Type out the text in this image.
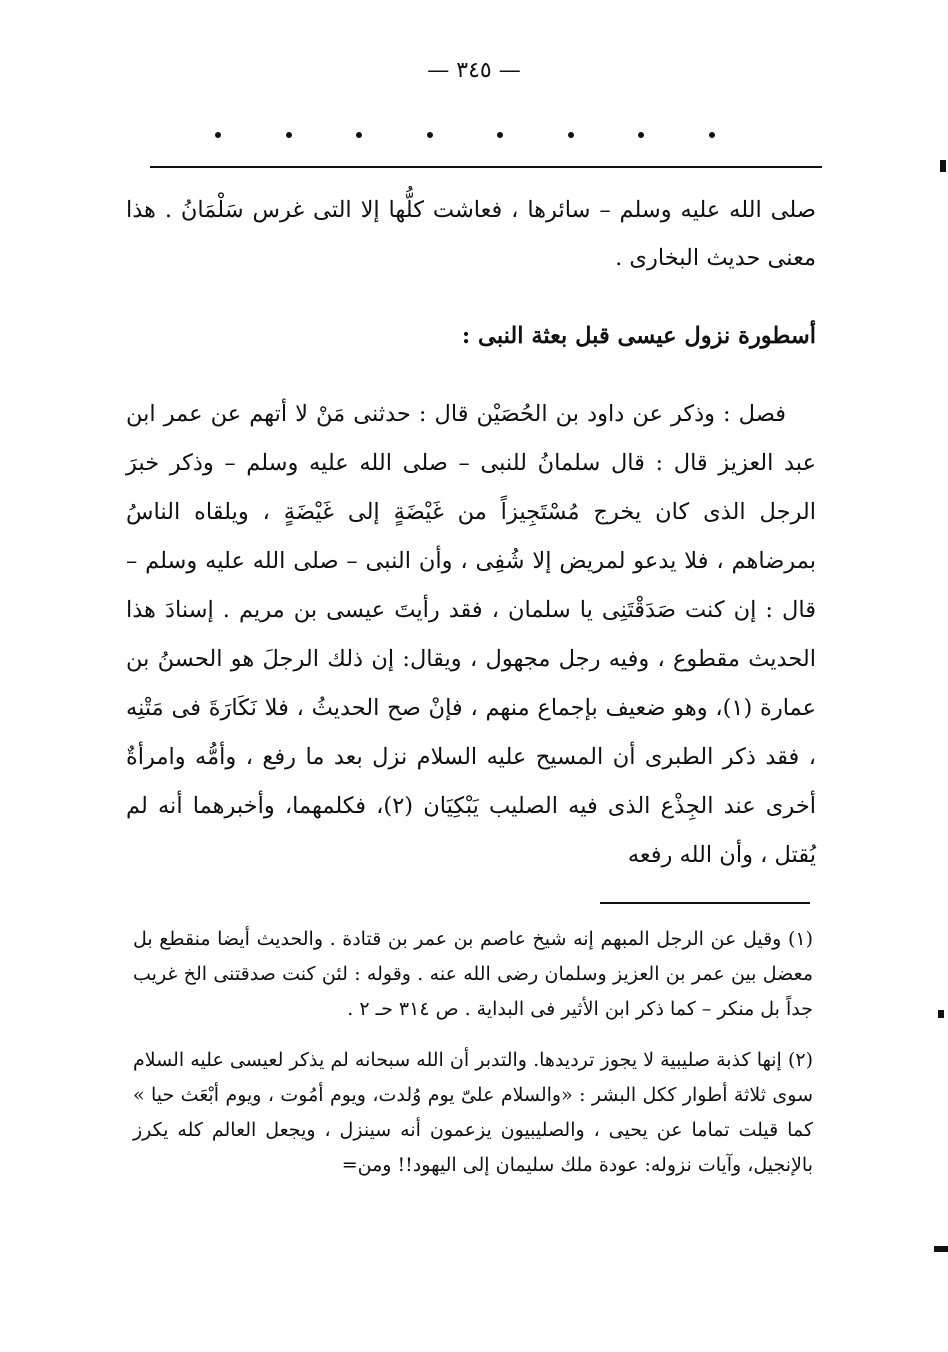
— ٣٤٥ —

صلى الله عليه وسلم – سائرها ، فعاشت كلُّها إلا التى غرس سَلْمَانُ . هذا معنى حديث البخارى .

أسطورة نزول عيسى قبل بعثة النبى :

فصل : وذكر عن داود بن الحُصَيْن قال : حدثنى مَنْ لا أتهم عن عمر ابن عبد العزيز قال : قال سلمانُ للنبى – صلى الله عليه وسلم – وذكر خبرَ الرجل الذى كان يخرج مُسْتَجِيزاً من غَيْضَةٍ إلى غَيْضَةٍ ، ويلقاه الناسُ بمرضاهم ، فلا يدعو لمريض إلا شُفِى ، وأن النبى – صلى الله عليه وسلم – قال : إن كنت صَدَقْتَنِى يا سلمان ، فقد رأيتَ عيسى بن مريم . إسنادَ هذا الحديث مقطوع ، وفيه رجل مجهول ، ويقال: إن ذلك الرجلَ هو الحسنُ بن عمارة (١)، وهو ضعيف بإجماع منهم ، فإنْ صح الحديثُ ، فلا نَكَارَةَ فى مَتْنِه ، فقد ذكر الطبرى أن المسيح عليه السلام نزل بعد ما رفع ، وأمُّه وامرأةٌ أخرى عند الجِذْع الذى فيه الصليب يَبْكِيَان (٢)، فكلمهما، وأخبرهما أنه لم يُقتل ، وأن الله رفعه

(١) وقيل عن الرجل المبهم إنه شيخ عاصم بن عمر بن قتادة . والحديث أيضا منقطع بل معضل بين عمر بن العزيز وسلمان رضى الله عنه . وقوله : لئن كنت صدقتنى الخ غريب جداً بل منكر – كما ذكر ابن الأثير فى البداية . ص ٣١٤ حـ ٢ .

(٢) إنها كذبة صليبية لا يجوز ترديدها. والتدبر أن الله سبحانه لم يذكر لعيسى عليه السلام سوى ثلاثة أطوار ككل البشر : «والسلام علىّ يوم وُلدت، ويوم أمُوت ، ويوم أبْعَث حيا » كما قيلت تماما عن يحيى ، والصليبيون يزعمون أنه سينزل ، ويجعل العالم كله يكرز بالإنجيل، وآيات نزوله: عودة ملك سليمان إلى اليهود!! ومن=
